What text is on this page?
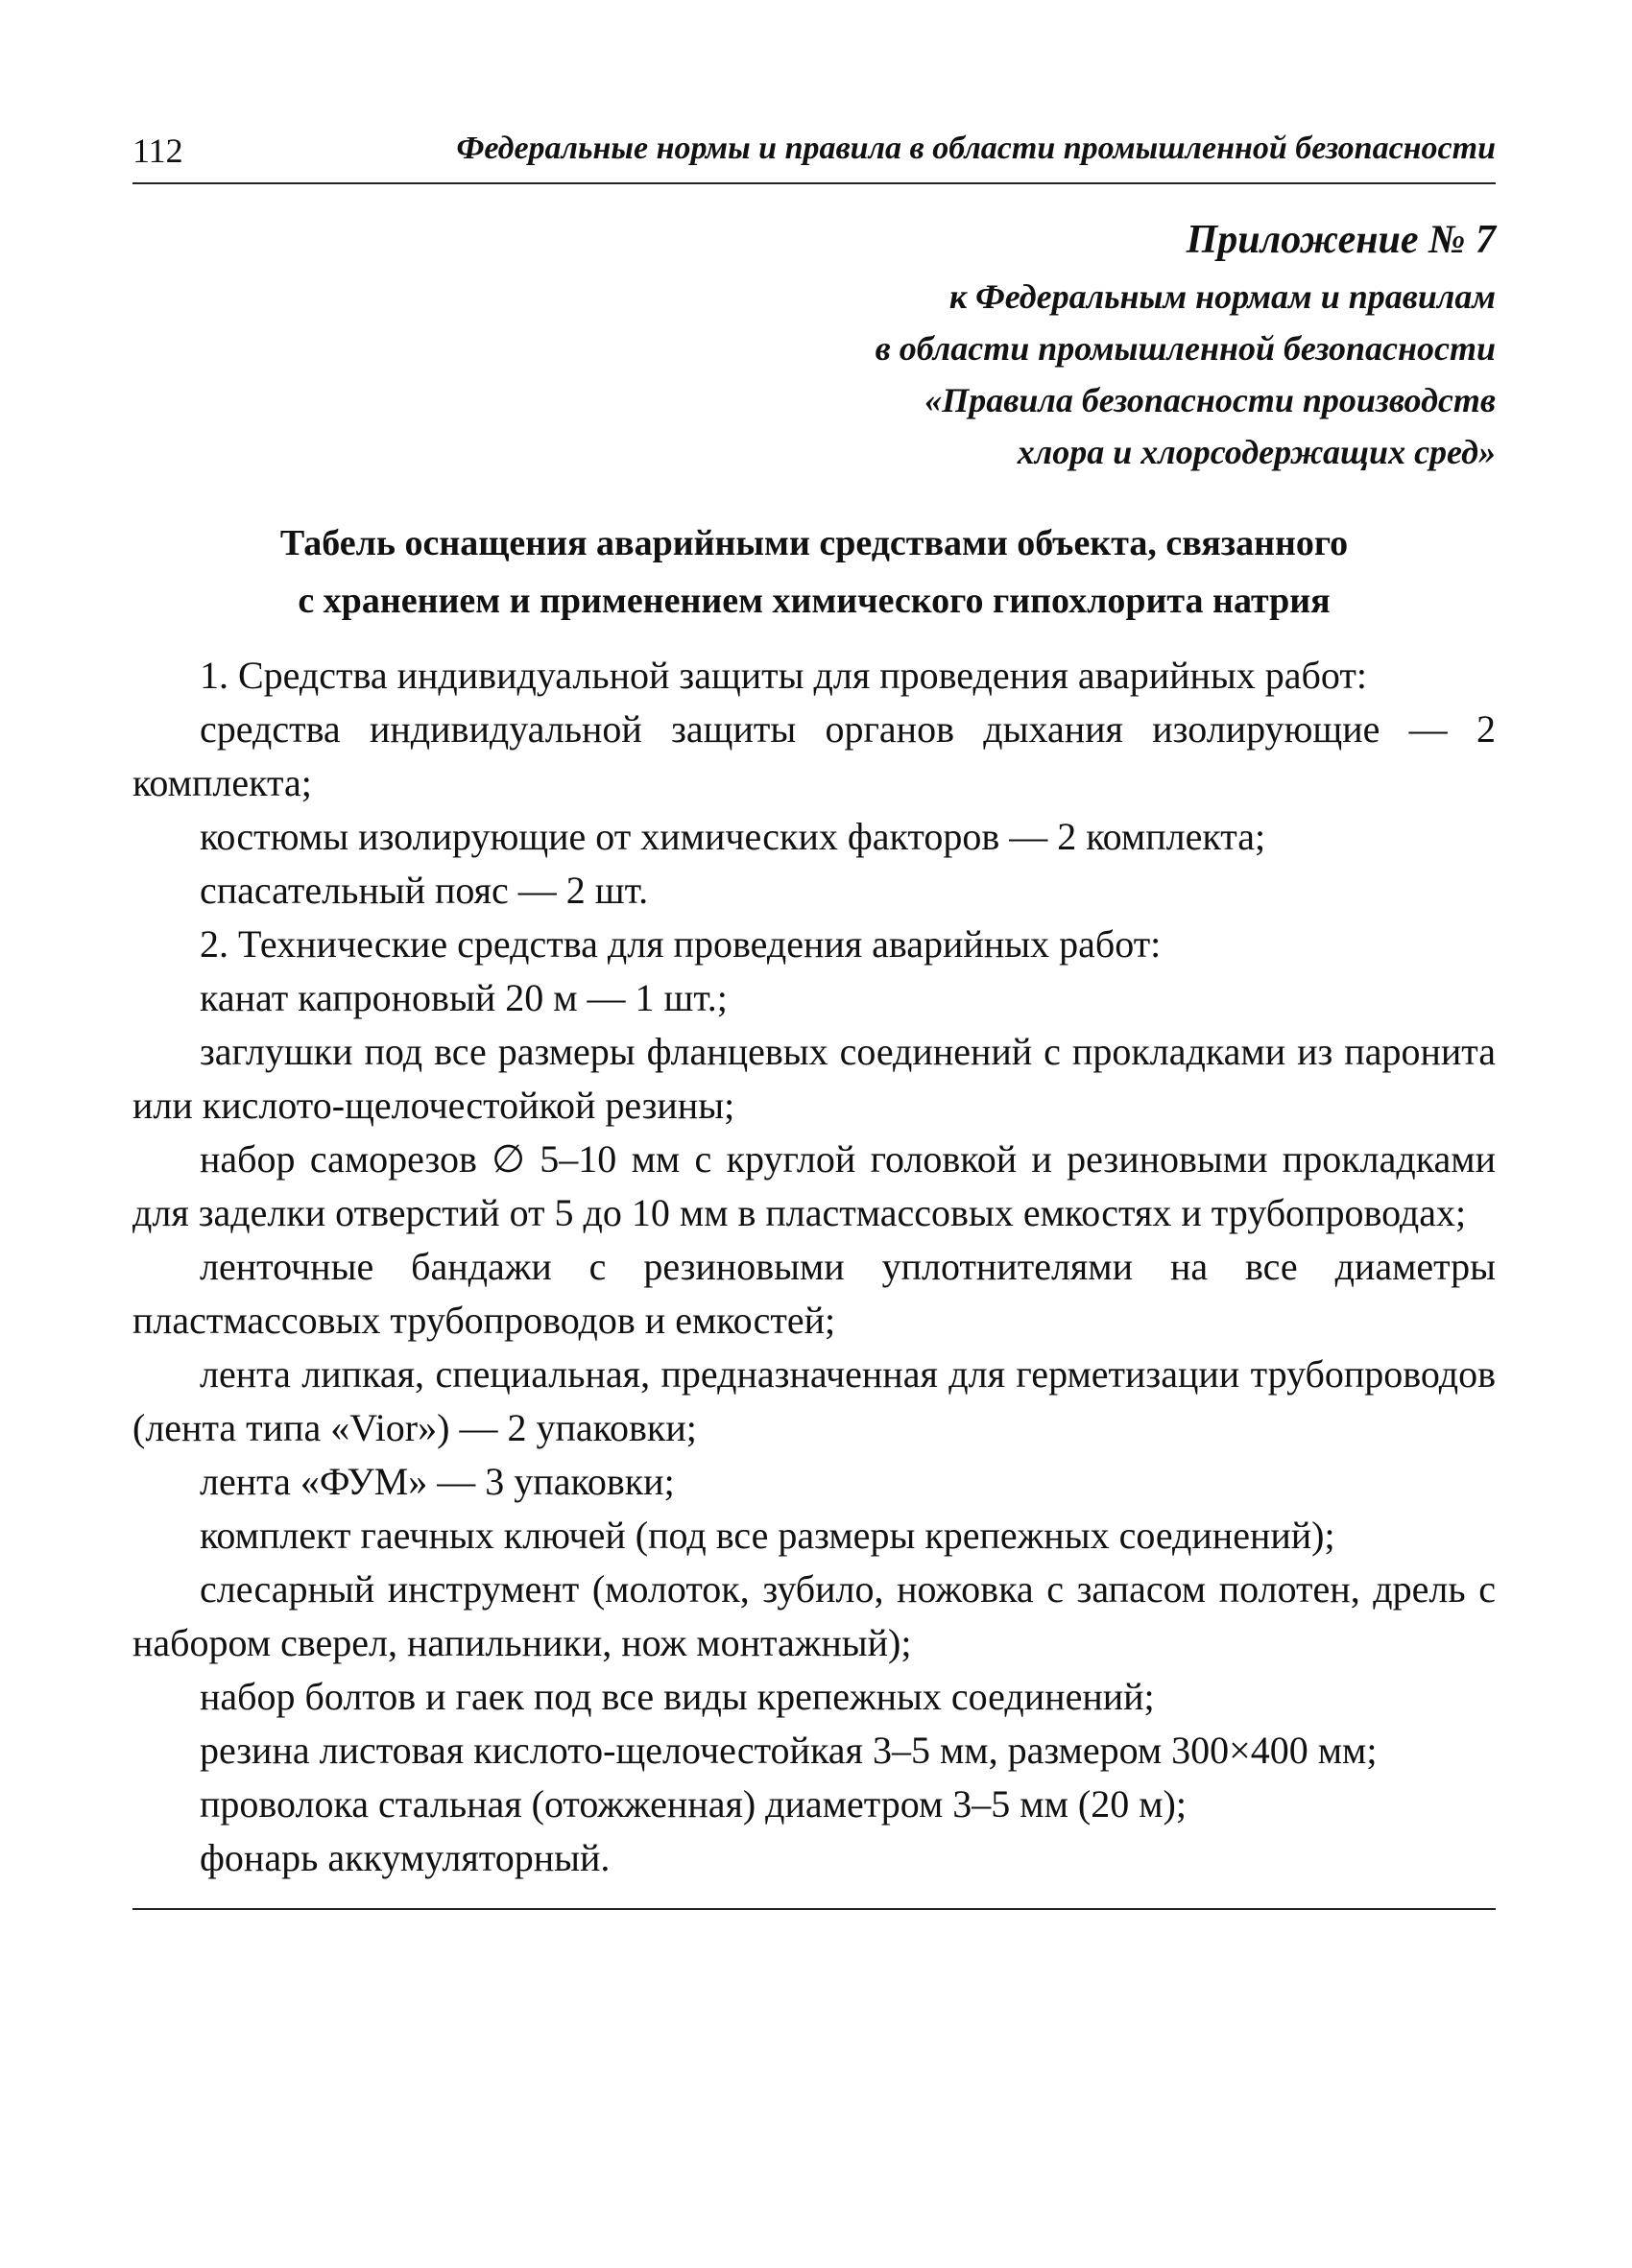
112	Федеральные нормы и правила в области промышленной безопасности
Приложение № 7
к Федеральным нормам и правилам
в области промышленной безопасности
«Правила безопасности производств
хлора и хлорсодержащих сред»
Табель оснащения аварийными средствами объекта, связанного
с хранением и применением химического гипохлорита натрия

1. Средства индивидуальной защиты для проведения аварийных работ:

средства индивидуальной защиты органов дыхания изолирующие — 2 комплекта;

костюмы изолирующие от химических факторов — 2 комплекта;

спасательный пояс — 2 шт.

2. Технические средства для проведения аварийных работ:

канат капроновый 20 м — 1 шт.;

заглушки под все размеры фланцевых соединений с прокладками из паронита или кислото-щелочестойкой резины;

набор саморезов ∅ 5–10 мм с круглой головкой и резиновыми прокладками для заделки отверстий от 5 до 10 мм в пластмассовых емкостях и трубопроводах;

ленточные бандажи с резиновыми уплотнителями на все диаметры пластмассовых трубопроводов и емкостей;

лента липкая, специальная, предназначенная для герметизации трубопроводов (лента типа «Vior») — 2 упаковки;

лента «ФУМ» — 3 упаковки;

комплект гаечных ключей (под все размеры крепежных соединений);

слесарный инструмент (молоток, зубило, ножовка с запасом полотен, дрель с набором сверел, напильники, нож монтажный);

набор болтов и гаек под все виды крепежных соединений;

резина листовая кислото-щелочестойкая 3–5 мм, размером 300×400 мм;

проволока стальная (отожженная) диаметром 3–5 мм (20 м);

фонарь аккумуляторный.
